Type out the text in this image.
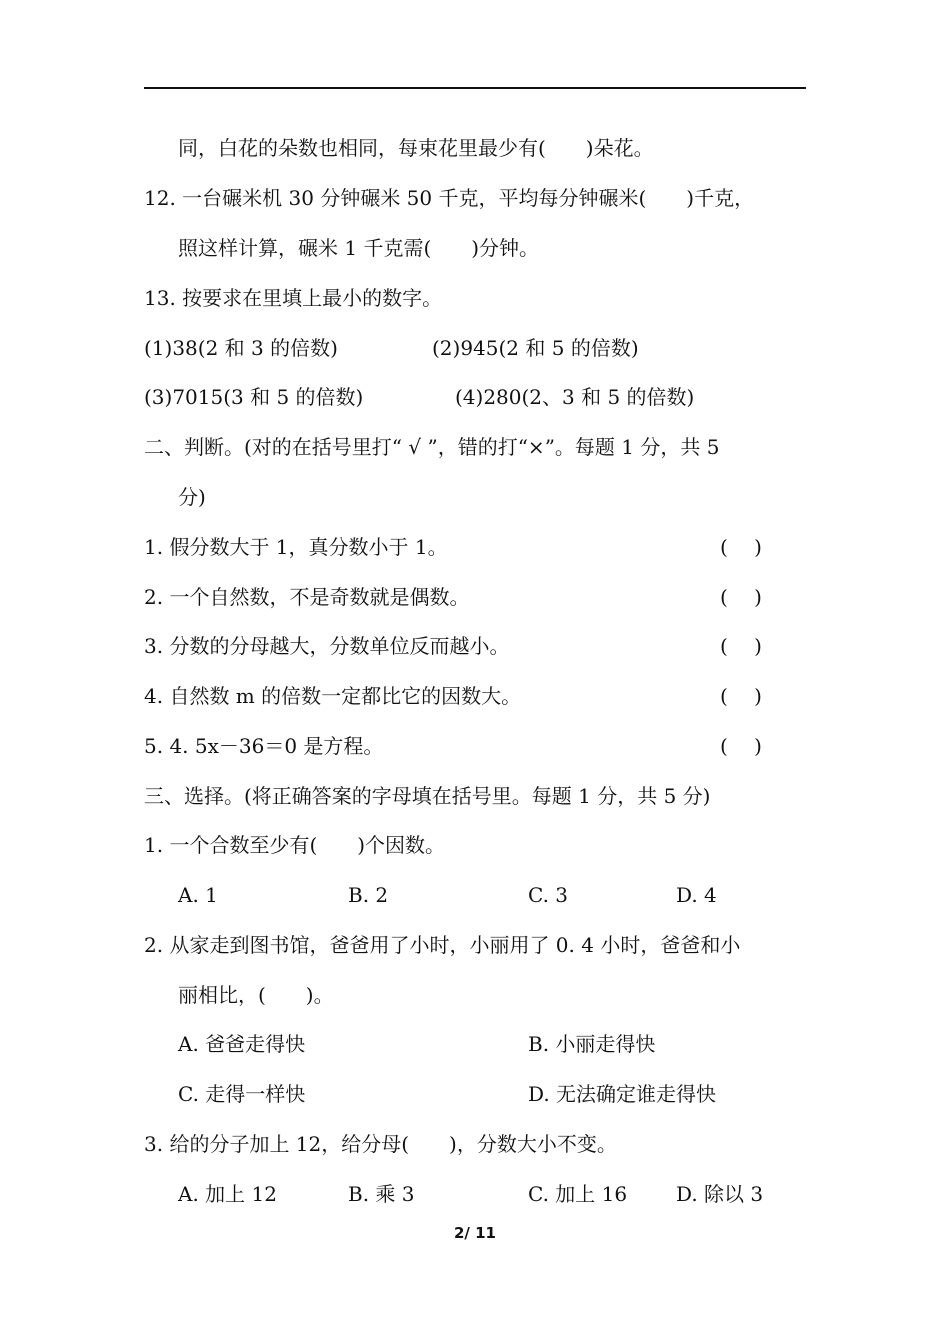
同，白花的朵数也相同，每束花里最少有(　　)朵花。
12. 一台碾米机 30 分钟碾米 50 千克，平均每分钟碾米(　　)千克，
照这样计算，碾米 1 千克需(　　)分钟。
13. 按要求在里填上最小的数字。
(1)38(2 和 3 的倍数)	(2)945(2 和 5 的倍数)
(3)7015(3 和 5 的倍数)	(4)280(2、3 和 5 的倍数)
二、判断。(对的在括号里打“ √ ”，错的打“×”。每题 1 分，共 5
分)
1. 假分数大于 1，真分数小于 1。	(　 )
2. 一个自然数，不是奇数就是偶数。	(　 )
3. 分数的分母越大，分数单位反而越小。	(　 )
4. 自然数 m 的倍数一定都比它的因数大。	(　 )
5. 4. 5x－36＝0 是方程。	(　 )
三、选择。(将正确答案的字母填在括号里。每题 1 分，共 5 分)
1. 一个合数至少有(　　)个因数。
A. 1	B. 2	C. 3	D. 4
2. 从家走到图书馆，爸爸用了小时，小丽用了 0. 4 小时，爸爸和小
丽相比，(　　)。
A. 爸爸走得快	B. 小丽走得快
C. 走得一样快	D. 无法确定谁走得快
3. 给的分子加上 12，给分母(　　)，分数大小不变。
A. 加上 12	B. 乘 3	C. 加上 16 D. 除以 3
2/ 11
